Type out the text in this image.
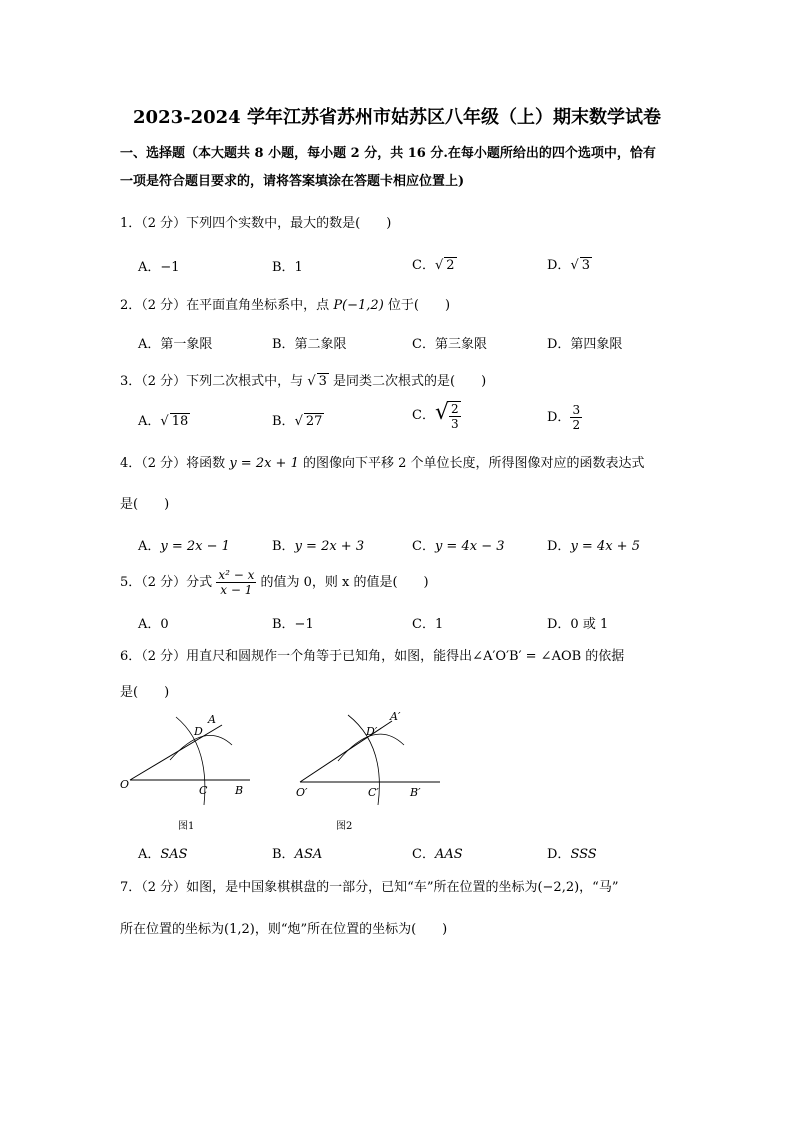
2023-2024 学年江苏省苏州市姑苏区八年级（上）期末数学试卷
一、选择题（本大题共 8 小题，每小题 2 分，共 16 分.在每小题所给出的四个选项中，恰有
一项是符合题目要求的，请将答案填涂在答题卡相应位置上)
1．（2 分）下列四个实数中，最大的数是(　　)
A．−1	B．1	C．√ 2	D．√ 3
2．（2 分）在平面直角坐标系中，点 P(−1,2) 位于(　　)
A．第一象限	B．第二象限	C．第三象限	D．第四象限
3．（2 分）下列二次根式中，与 √ 3 是同类二次根式的是(　　)
A．√ 18	B．√ 27	C．√ $\frac{2}{3}$	D． $\frac{3}{2}$
4．（2 分）将函数 y = 2x + 1 的图像向下平移 2 个单位长度，所得图像对应的函数表达式
是(　　)
A．y = 2x − 1	B．y = 2x + 3	C．y = 4x − 3	D．y = 4x + 5
5．（2 分）分式 $\frac{\text{x² − x}}{x - 1}$ 的值为 0，则 x 的值是(　　)
A．0	B．−1	C．1	D．0 或 1
6．（2 分）用直尺和圆规作一个角等于已知角，如图，能得出∠A′O′B′ = ∠AOB 的依据
是(　　)
O
A
D
C	B
图1
O′
A′
D′
C′	B′
图2
A．SAS	B．ASA	C．AAS	D．SSS
7．（2 分）如图，是中国象棋棋盘的一部分，已知“车”所在位置的坐标为(−2,2)，“马”
所在位置的坐标为(1,2)，则“炮”所在位置的坐标为(　　)
